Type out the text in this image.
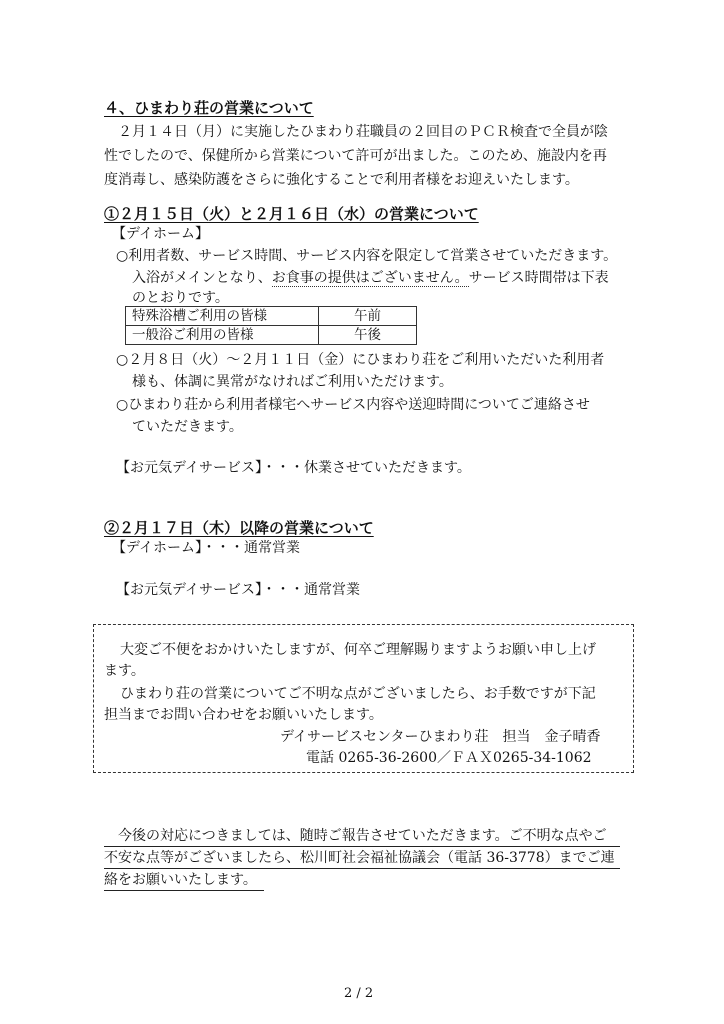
４、ひまわり荘の営業について
２月１４日（月）に実施したひまわり荘職員の２回目のＰＣＲ検査で全員が陰
性でしたので、保健所から営業について許可が出ました。このため、施設内を再
度消毒し、感染防護をさらに強化することで利用者様をお迎えいたします。
①２月１５日（火）と２月１６日（水）の営業について
【デイホーム】
○利用者数、サービス時間、サービス内容を限定して営業させていただきます。
入浴がメインとなり、お食事の提供はございません。サービス時間帯は下表
のとおりです。
特殊浴槽ご利用の皆様	午前
一般浴ご利用の皆様	午後
○２月８日（火）～２月１１日（金）にひまわり荘をご利用いただいた利用者
様も、体調に異常がなければご利用いただけます。
○ひまわり荘から利用者様宅へサービス内容や送迎時間についてご連絡させ
ていただきます。
【お元気デイサービス】・・・休業させていただきます。
②２月１７日（木）以降の営業について
【デイホーム】・・・通常営業
【お元気デイサービス】・・・通常営業
大変ご不便をおかけいたしますが、何卒ご理解賜りますようお願い申し上げ
ます。
ひまわり荘の営業についてご不明な点がございましたら、お手数ですが下記
担当までお問い合わせをお願いいたします。
デイサービスセンターひまわり荘　担当　金子晴香
電話 0265-36-2600／ＦＡＸ0265-34-1062
今後の対応につきましては、随時ご報告させていただきます。ご不明な点やご
不安な点等がございましたら、松川町社会福祉協議会（電話 36-3778）までご連
絡をお願いいたします。
2 / 2
